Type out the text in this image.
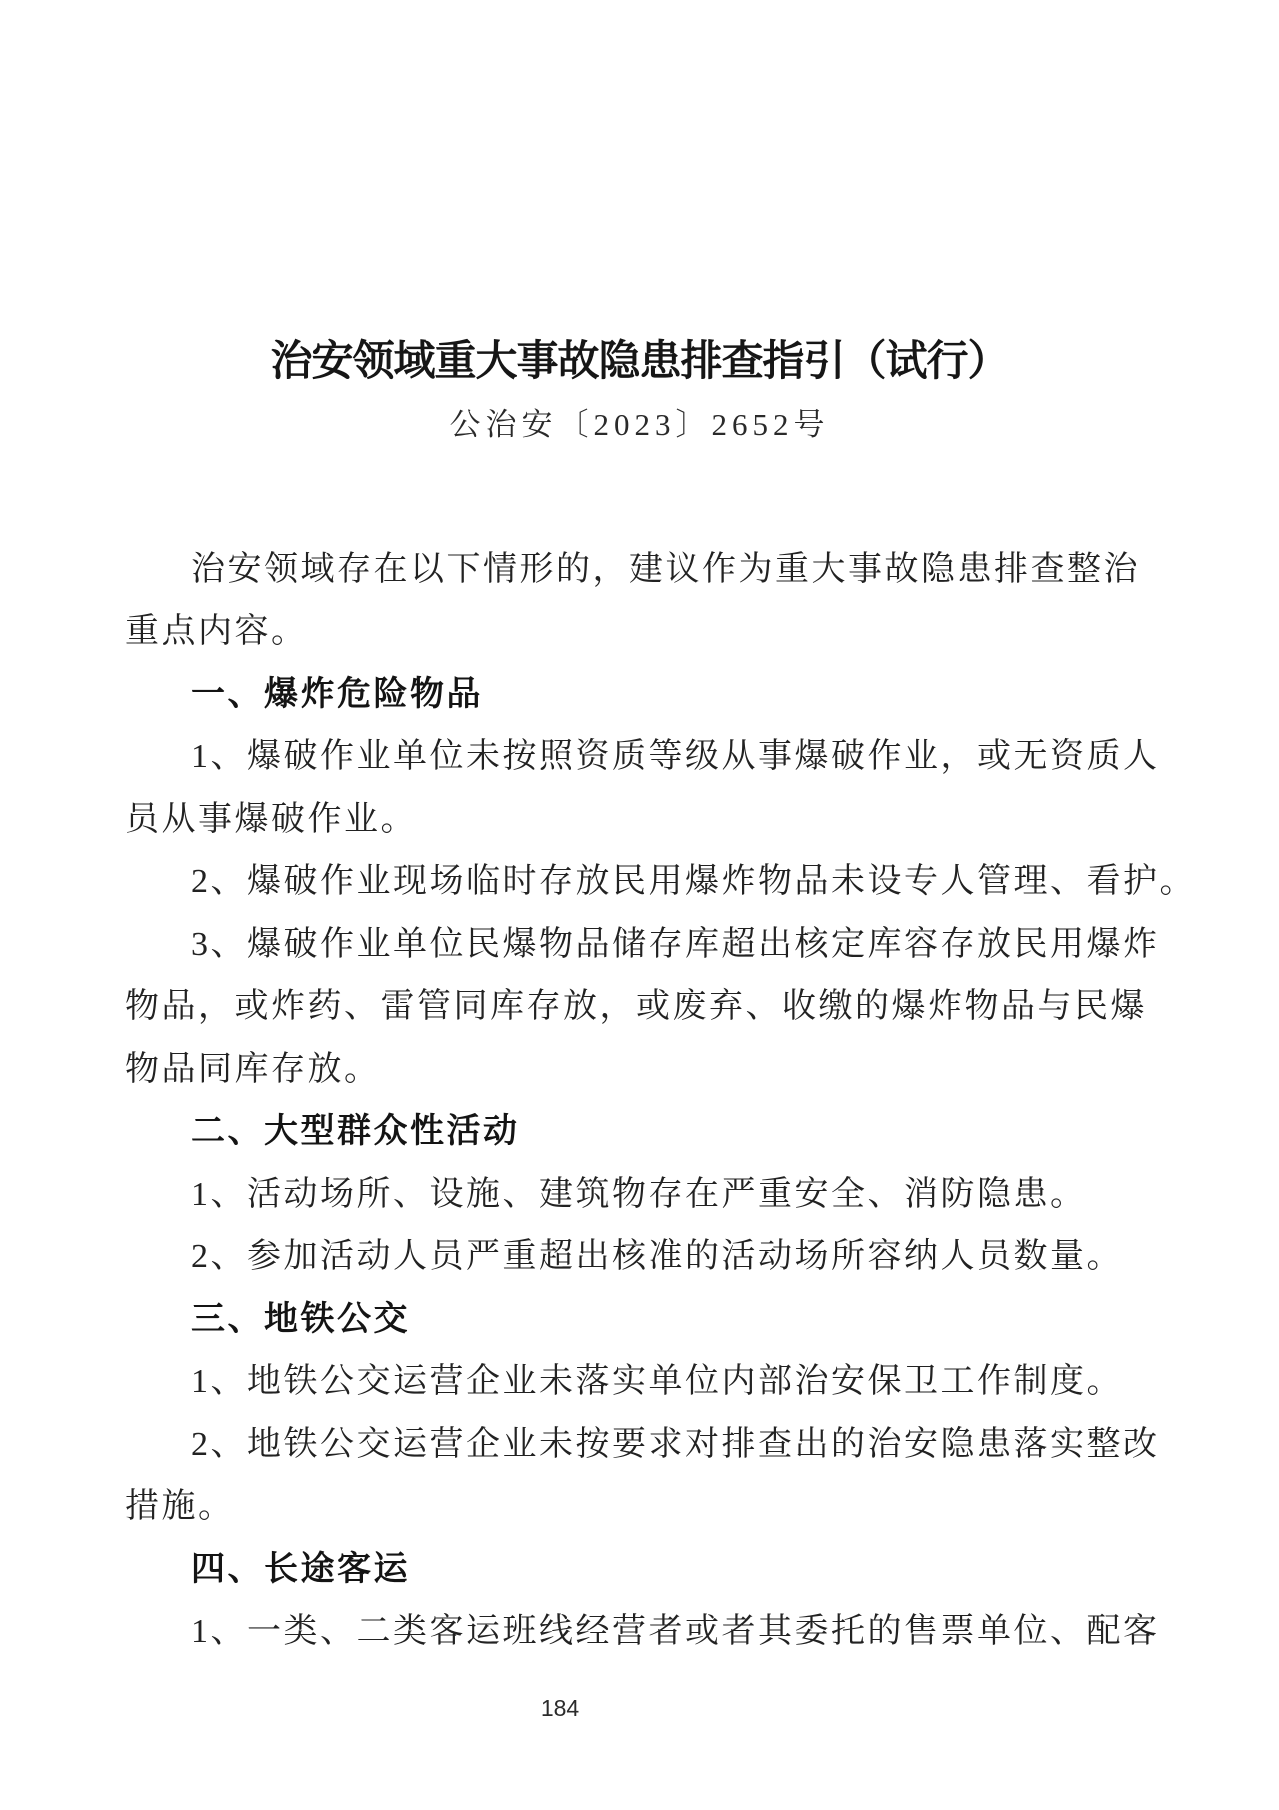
治安领域重大事故隐患排查指引（试行）
公治安〔2023〕2652号
治安领域存在以下情形的，建议作为重大事故隐患排查整治
重点内容。
一、爆炸危险物品
1、爆破作业单位未按照资质等级从事爆破作业，或无资质人
员从事爆破作业。
2、爆破作业现场临时存放民用爆炸物品未设专人管理、看护。
3、爆破作业单位民爆物品储存库超出核定库容存放民用爆炸
物品，或炸药、雷管同库存放，或废弃、收缴的爆炸物品与民爆
物品同库存放。
二、大型群众性活动
1、活动场所、设施、建筑物存在严重安全、消防隐患。
2、参加活动人员严重超出核准的活动场所容纳人员数量。
三、地铁公交
1、地铁公交运营企业未落实单位内部治安保卫工作制度。
2、地铁公交运营企业未按要求对排查出的治安隐患落实整改
措施。
四、长途客运
1、一类、二类客运班线经营者或者其委托的售票单位、配客
184
